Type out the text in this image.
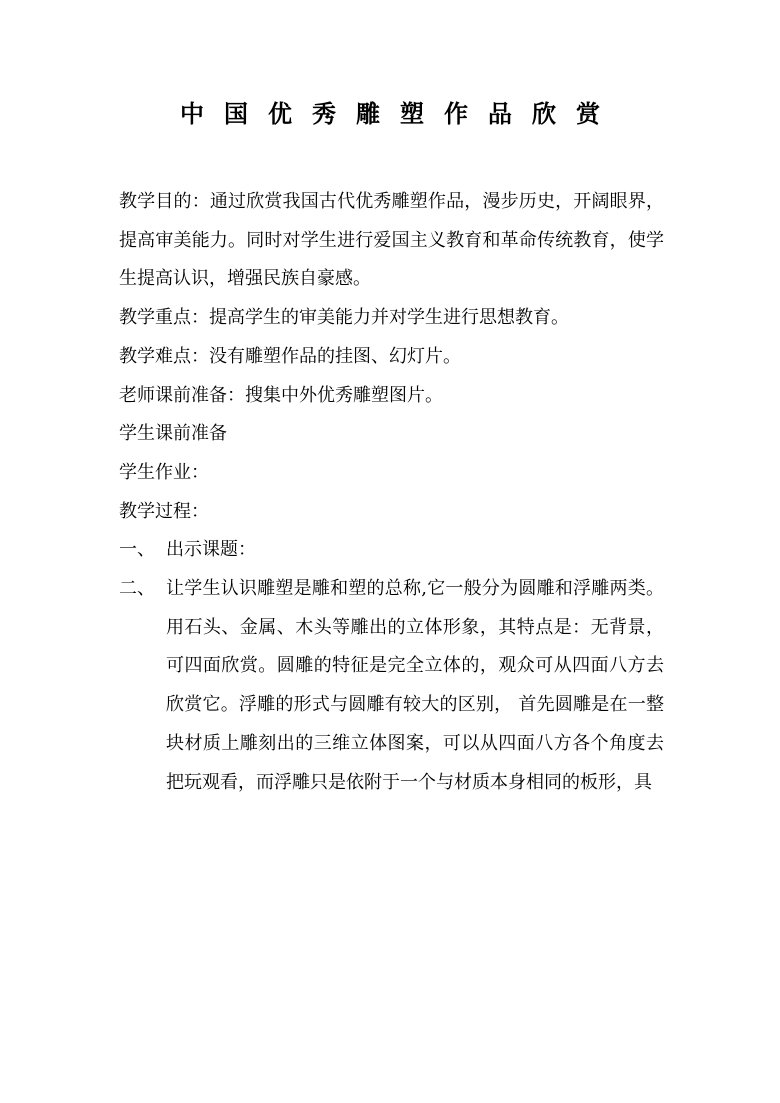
中国优秀雕塑作品欣赏

教学目的：通过欣赏我国古代优秀雕塑作品，漫步历史，开阔眼界，提高审美能力。同时对学生进行爱国主义教育和革命传统教育，使学生提高认识，增强民族自豪感。

教学重点：提高学生的审美能力并对学生进行思想教育。

教学难点：没有雕塑作品的挂图、幻灯片。

老师课前准备：搜集中外优秀雕塑图片。

学生课前准备

学生作业：

教学过程：

一、 出示课题：
二、 让学生认识雕塑是雕和塑的总称,它一般分为圆雕和浮雕两类。用石头、金属、木头等雕出的立体形象，其特点是：无背景，可四面欣赏。圆雕的特征是完全立体的，观众可从四面八方去欣赏它。浮雕的形式与圆雕有较大的区别， 首先圆雕是在一整块材质上雕刻出的三维立体图案，可以从四面八方各个角度去把玩观看，而浮雕只是依附于一个与材质本身相同的板形，具
